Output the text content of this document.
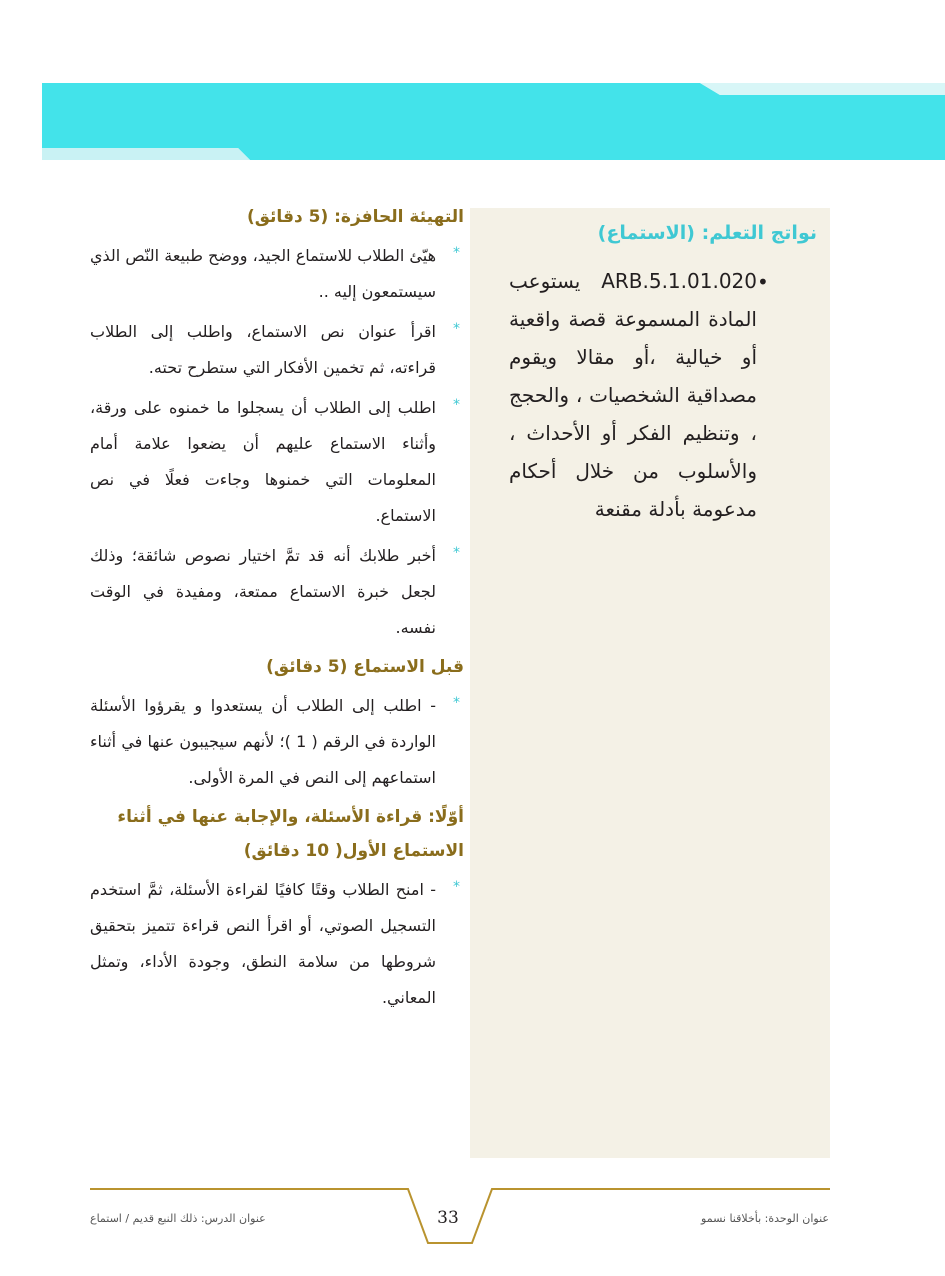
نواتج التعلم: (الاستماع)
•
ARB.5.1.01.020 يستوعب المادة المسموعة قصة واقعية أو خيالية ،أو مقالا ويقوم مصداقية الشخصيات ، والحجج ، وتنظيم الفكر أو الأحداث ، والأسلوب من خلال أحكام مدعومة بأدلة مقنعة
التهيئة الحافزة: (5 دقائق)
*
هيّئ الطلاب للاستماع الجيد، ووضح طبيعة النّص الذي سيستمعون إليه ..
*
اقرأ عنوان نص الاستماع، واطلب إلى الطلاب قراءته، ثم تخمين الأفكار التي ستطرح تحته.
*
اطلب إلى الطلاب أن يسجلوا ما خمنوه على ورقة، وأثناء الاستماع عليهم أن يضعوا علامة أمام المعلومات التي خمنوها وجاءت فعلًا في نص الاستماع.
*
أخبر طلابك أنه قد تمَّ اختيار نصوص شائقة؛ وذلك لجعل خبرة الاستماع ممتعة، ومفيدة في الوقت نفسه.
قبل الاستماع (5 دقائق)
*
- اطلب إلى الطلاب أن يستعدوا و يقرؤوا الأسئلة الواردة في الرقم ( 1 )؛ لأنهم سيجيبون عنها في أثناء استماعهم إلى النص في المرة الأولى.
أوّلًا: قراءة الأسئلة، والإجابة عنها في أثناء الاستماع الأول( 10 دقائق)
*
- امنح الطلاب وقتًا كافيًا لقراءة الأسئلة، ثمَّ استخدم التسجيل الصوتي، أو اقرأ النص قراءة تتميز بتحقيق شروطها من سلامة النطق، وجودة الأداء، وتمثل المعاني.
33	عنوان الوحدة: بأخلاقنا نسمو
عنوان الدرس: ذلك النبع قديم / استماع
